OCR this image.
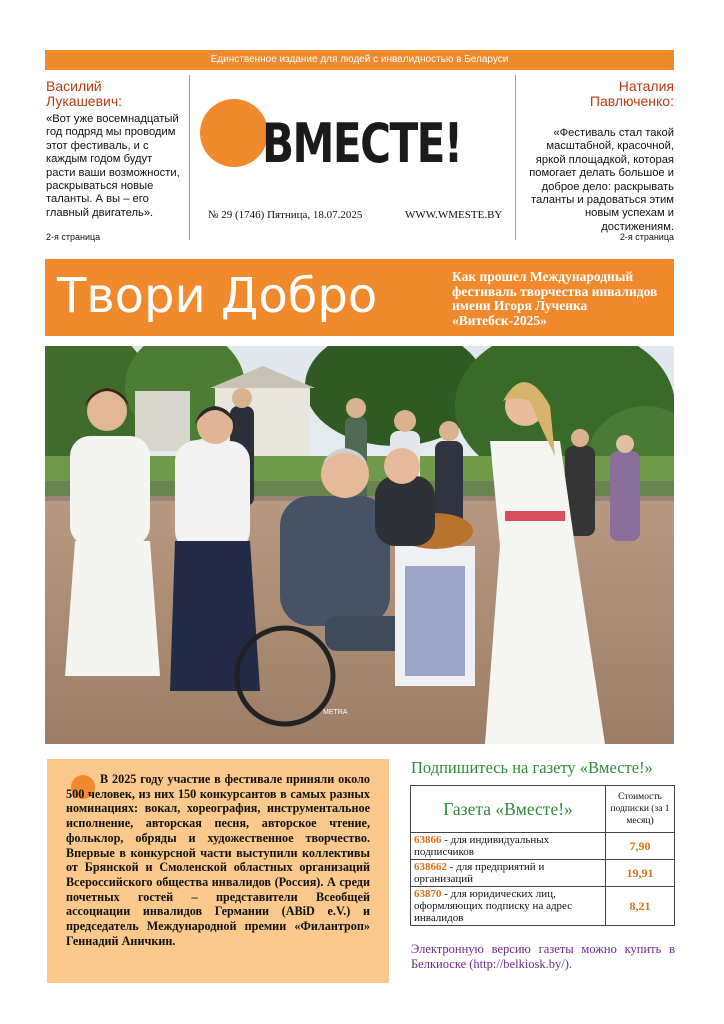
Единственное издание для людей с инвалидностью в Беларуси
Василий
Лукашевич:
«Вот уже восемнадцатый год подряд мы проводим этот фестиваль, и с каждым годом будут расти ваши возможности, раскрываться новые таланты. А вы – его главный двигатель».
2-я страница
ВМЕСТЕ!
№ 29 (1746) Пятница, 18.07.2025	WWW.WMESTE.BY
Наталия
Павлюченко:
«Фестиваль стал такой масштабной, красочной, яркой площадкой, которая помогает делать большое и доброе дело: раскрывать таланты и радоваться этим новым успехам и достижениям.
2-я страница
Твори Добро	Как прошел Международный фестиваль творчества инвалидов имени Игоря Лученка «Витебск-2025»
METRA
В 2025 году участие в фестивале приняли около 500 человек, из них 150 конкурсантов в самых разных номинациях: вокал, хореография, инструментальное исполнение, авторская песня, авторское чтение, фольклор, обряды и художественное творчество. Впервые в конкурсной части выступили коллективы от Брянской и Смоленской областных организаций Всероссийского общества инвалидов (Россия). А среди почетных гостей – представители Всеобщей ассоциации инвалидов Германии (ABiD e.V.) и председатель Международной премии «Филантроп» Геннадий Аничкин.
Подпишитесь на газету «Вместе!»
Газета «Вместе!»	Стоимость подписки (за 1 месяц)
63866 - для индивидуальных подписчиков	7,90
638662 - для предприятий и организаций	19,91
63870 - для юридических лиц, оформляющих подписку на адрес инвалидов	8,21
Электронную версию газеты можно купить в Белкиоске (http://belkiosk.by/).
